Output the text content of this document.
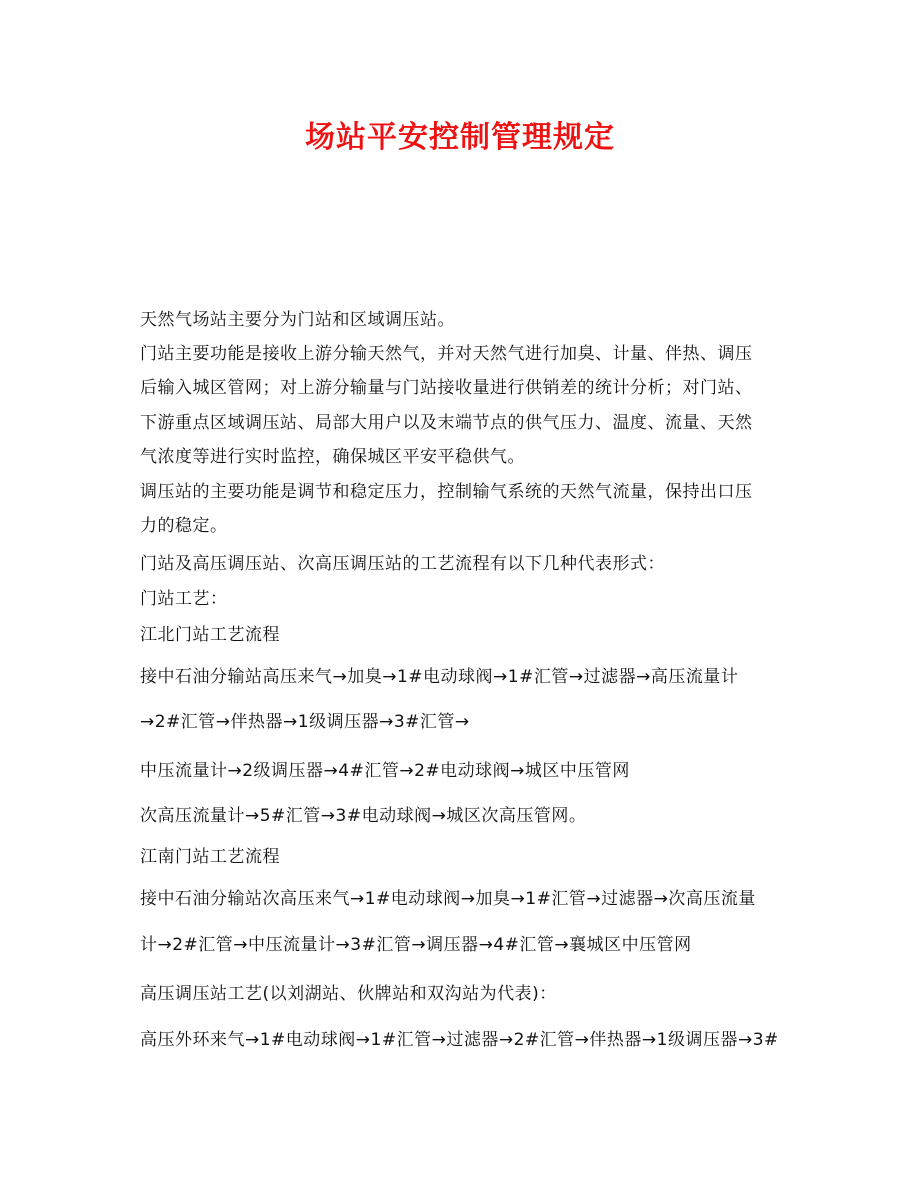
场站平安控制管理规定
天然气场站主要分为门站和区域调压站。
门站主要功能是接收上游分输天然气，并对天然气进行加臭、计量、伴热、调压
后输入城区管网；对上游分输量与门站接收量进行供销差的统计分析；对门站、
下游重点区域调压站、局部大用户以及末端节点的供气压力、温度、流量、天然
气浓度等进行实时监控，确保城区平安平稳供气。
调压站的主要功能是调节和稳定压力，控制输气系统的天然气流量，保持出口压
力的稳定。
门站及高压调压站、次高压调压站的工艺流程有以下几种代表形式：
门站工艺：
江北门站工艺流程
接中石油分输站高压来气→加臭→1#电动球阀→1#汇管→过滤器→高压流量计
→2#汇管→伴热器→1级调压器→3#汇管→
中压流量计→2级调压器→4#汇管→2#电动球阀→城区中压管网
次高压流量计→5#汇管→3#电动球阀→城区次高压管网。
江南门站工艺流程
接中石油分输站次高压来气→1#电动球阀→加臭→1#汇管→过滤器→次高压流量
计→2#汇管→中压流量计→3#汇管→调压器→4#汇管→襄城区中压管网
高压调压站工艺(以刘湖站、伙牌站和双沟站为代表)：
高压外环来气→1#电动球阀→1#汇管→过滤器→2#汇管→伴热器→1级调压器→3#
